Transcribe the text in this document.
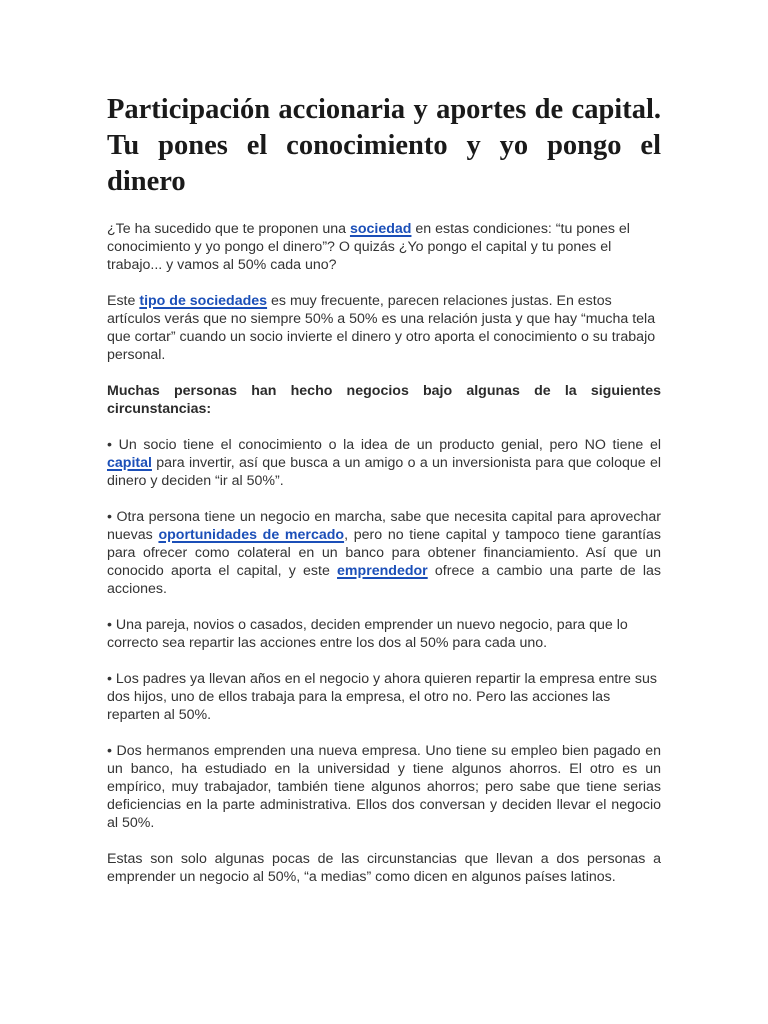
Participación accionaria y aportes de capital. Tu pones el conocimiento y yo pongo el dinero

¿Te ha sucedido que te proponen una sociedad en estas condiciones: “tu pones el conocimiento y yo pongo el dinero”? O quizás ¿Yo pongo el capital y tu pones el trabajo... y vamos al 50% cada uno?

Este tipo de sociedades es muy frecuente, parecen relaciones justas. En estos artículos verás que no siempre 50% a 50% es una relación justa y que hay “mucha tela que cortar” cuando un socio invierte el dinero y otro aporta el conocimiento o su trabajo personal.

Muchas personas han hecho negocios bajo algunas de la siguientes circunstancias:

• Un socio tiene el conocimiento o la idea de un producto genial, pero NO tiene el capital para invertir, así que busca a un amigo o a un inversionista para que coloque el dinero y deciden “ir al 50%”.

• Otra persona tiene un negocio en marcha, sabe que necesita capital para aprovechar nuevas oportunidades de mercado, pero no tiene capital y tampoco tiene garantías para ofrecer como colateral en un banco para obtener financiamiento. Así que un conocido aporta el capital, y este emprendedor ofrece a cambio una parte de las acciones.

• Una pareja, novios o casados, deciden emprender un nuevo negocio, para que lo correcto sea repartir las acciones entre los dos al 50% para cada uno.

• Los padres ya llevan años en el negocio y ahora quieren repartir la empresa entre sus dos hijos, uno de ellos trabaja para la empresa, el otro no. Pero las acciones las reparten al 50%.

• Dos hermanos emprenden una nueva empresa. Uno tiene su empleo bien pagado en un banco, ha estudiado en la universidad y tiene algunos ahorros. El otro es un empírico, muy trabajador, también tiene algunos ahorros; pero sabe que tiene serias deficiencias en la parte administrativa. Ellos dos conversan y deciden llevar el negocio al 50%.

Estas son solo algunas pocas de las circunstancias que llevan a dos personas a emprender un negocio al 50%, “a medias” como dicen en algunos países latinos.
